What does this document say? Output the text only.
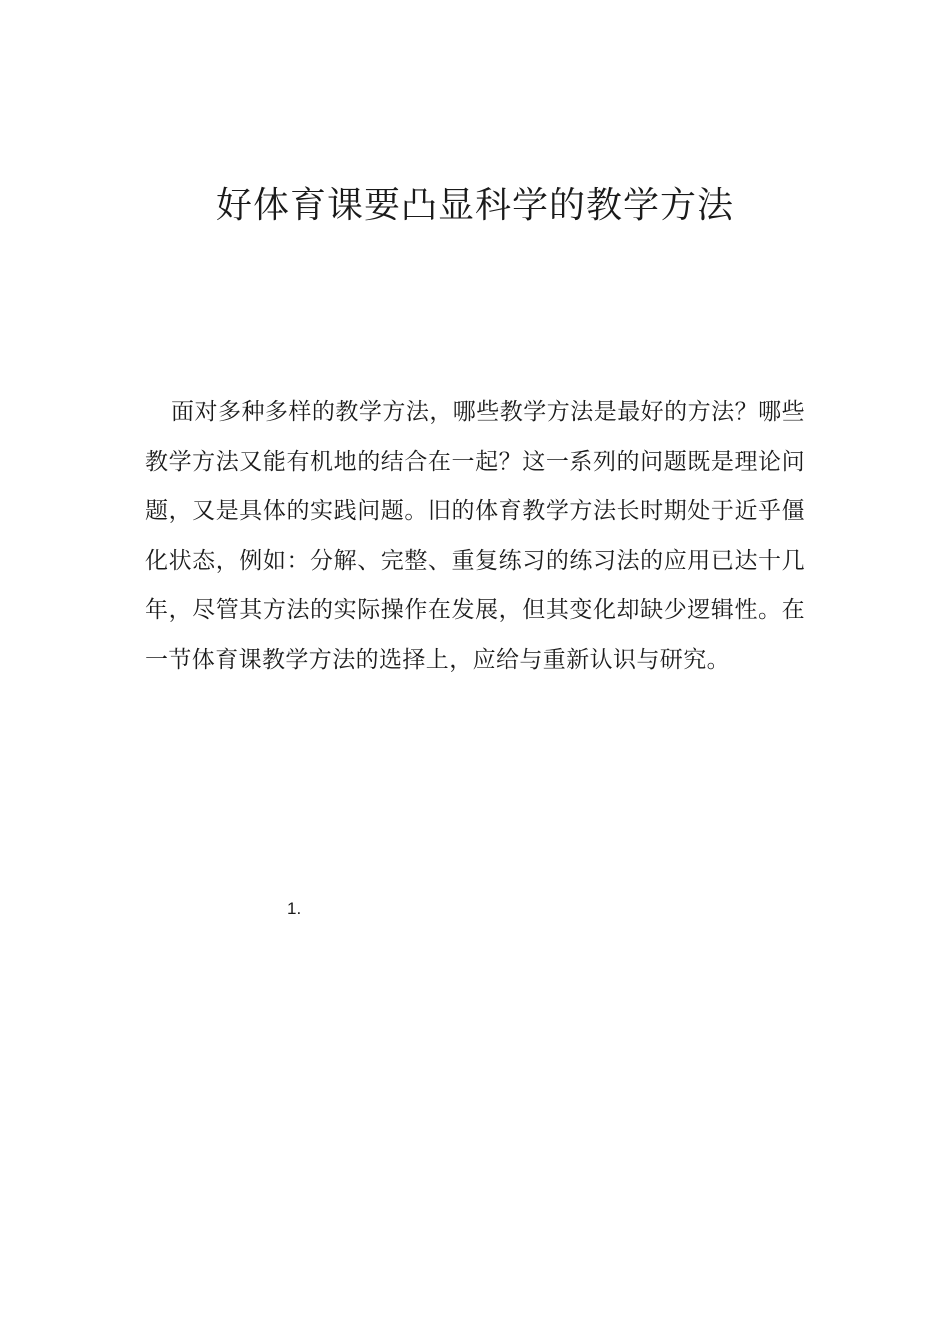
好体育课要凸显科学的教学方法

面对多种多样的教学方法，哪些教学方法是最好的方法？哪些教学方法又能有机地的结合在一起？这一系列的问题既是理论问题，又是具体的实践问题。旧的体育教学方法长时期处于近乎僵化状态，例如：分解、完整、重复练习的练习法的应用已达十几年，尽管其方法的实际操作在发展，但其变化却缺少逻辑性。在一节体育课教学方法的选择上，应给与重新认识与研究。

1.
